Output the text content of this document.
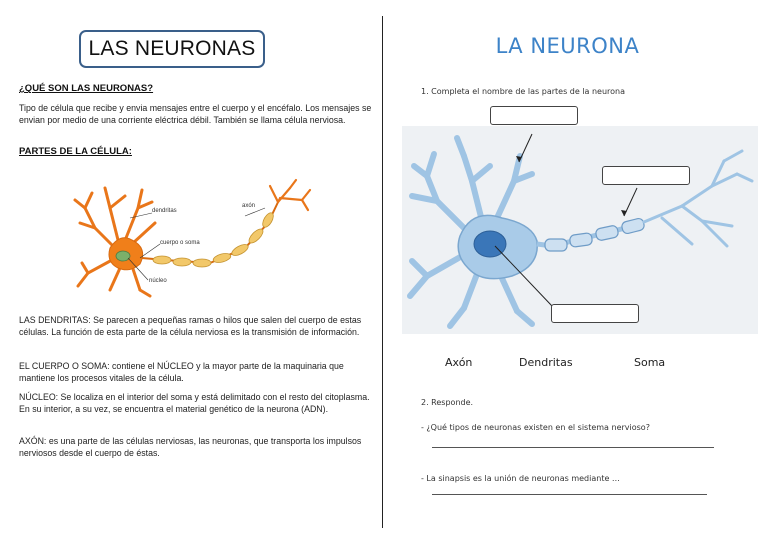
LAS NEURONAS
¿QUÉ SON LAS NEURONAS?
Tipo de célula que recibe y envia mensajes entre el cuerpo y el encéfalo. Los mensajes se envian por medio de una corriente eléctrica débil. También se llama célula nerviosa.
PARTES DE LA CÉLULA:
dendritas
axón
cuerpo o soma
núcleo
LAS DENDRITAS: Se parecen a pequeñas ramas o hilos que salen del cuerpo de estas células. La función de esta parte de la célula nerviosa es la transmisión de información.
EL CUERPO O SOMA: contiene el NÚCLEO y la mayor parte de la maquinaria que mantiene los procesos vitales de la célula.
NÚCLEO: Se localiza en el interior del soma y está delimitado con el resto del citoplasma. En su interior, a su vez, se encuentra el material genético de la neurona (ADN).
AXÓN: es una parte de las células nerviosas, las neuronas, que transporta los impulsos nerviosos desde el cuerpo de éstas.
LA NEURONA
1. Completa el nombre de las partes de la neurona
Axón	Dendritas	Soma
2. Responde.
- ¿Qué tipos de neuronas existen en el sistema nervioso?
- La sinapsis es la unión de neuronas mediante …
